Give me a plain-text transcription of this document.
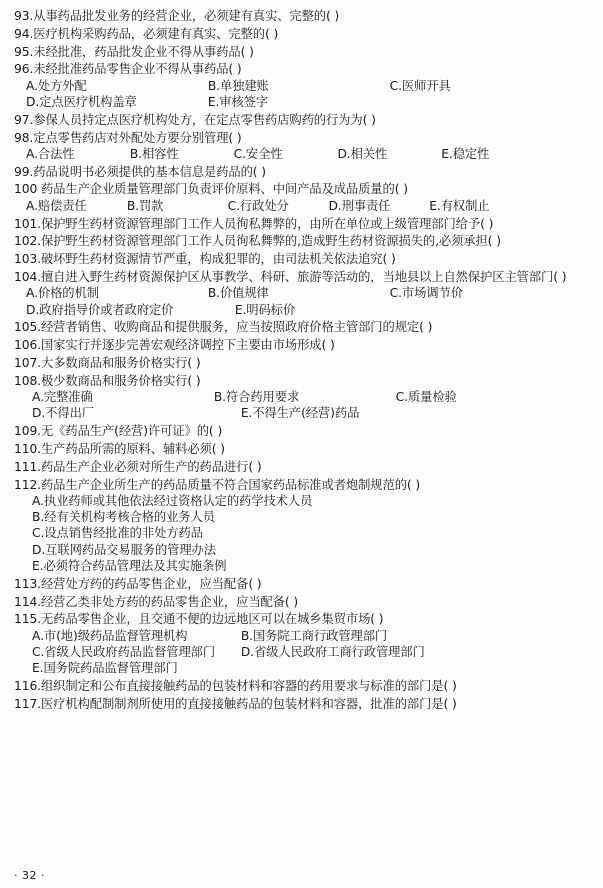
93.从事药品批发业务的经营企业，必须建有真实、完整的( )
94.医疗机构采购药品，必须建有真实、完整的( )
95.未经批准，药品批发企业不得从事药品( )
96.未经批准药品零售企业不得从事药品( )
A.处方外配	B.单独建账	C.医师开具
D.定点医疗机构盖章	E.审核签字
97.参保人员持定点医疗机构处方，在定点零售药店购药的行为为( )
98.定点零售药店对外配处方要分别管理( )
A.合法性	B.相容性	C.安全性	D.相关性	E.稳定性
99.药品说明书必须提供的基本信息是药品的( )
100 药品生产企业质量管理部门负责评价原料、中间产品及成品质量的( )
A.赔偿责任	B.罚款	C.行政处分	D.刑事责任	E.有权制止
101.保护野生药材资源管理部门工作人员徇私舞弊的，由所在单位或上级管理部门给予( )
102.保护野生药材资源管理部门工作人员徇私舞弊的,造成野生药材资源损失的,必须承担( )
103.破坏野生药材资源情节严重，构成犯罪的，由司法机关依法追究( )
104.擅自进入野生药材资源保护区从事教学、科研、旅游等活动的，当地县以上自然保护区主管部门( )
A.价格的机制	B.价值规律	C.市场调节价
D.政府指导价或者政府定价	E.明码标价
105.经营者销售、收购商品和提供服务，应当按照政府价格主管部门的规定( )
106.国家实行并逐步完善宏观经济调控下主要由市场形成( )
107.大多数商品和服务价格实行( )
108.极少数商品和服务价格实行( )
A.完整准确	B.符合药用要求	C.质量检验
D.不得出厂	E.不得生产(经营)药品
109.无《药品生产(经营)许可证》的( )
110.生产药品所需的原料、辅料必须( )
111.药品生产企业必须对所生产的药品进行( )
112.药品生产企业所生产的药品质量不符合国家药品标准或者炮制规范的( )
A.执业药师或其他依法经过资格认定的药学技术人员
B.经有关机构考核合格的业务人员
C.设点销售经批准的非处方药品
D.互联网药品交易服务的管理办法
E.必须符合药品管理法及其实施条例
113.经营处方药的药品零售企业，应当配备( )
114.经营乙类非处方药的药品零售企业，应当配备( )
115.无药品零售企业，且交通不便的边远地区可以在城乡集贸市场( )
A.市(地)级药品监督管理机构	B.国务院工商行政管理部门
C.省级人民政府药品监督管理部门 D.省级人民政府工商行政管理部门
E.国务院药品监督管理部门
116.组织制定和公布直接接触药品的包装材料和容器的药用要求与标准的部门是( )
117.医疗机构配制制剂所使用的直接接触药品的包装材料和容器，批准的部门是( )
· 32 ·
